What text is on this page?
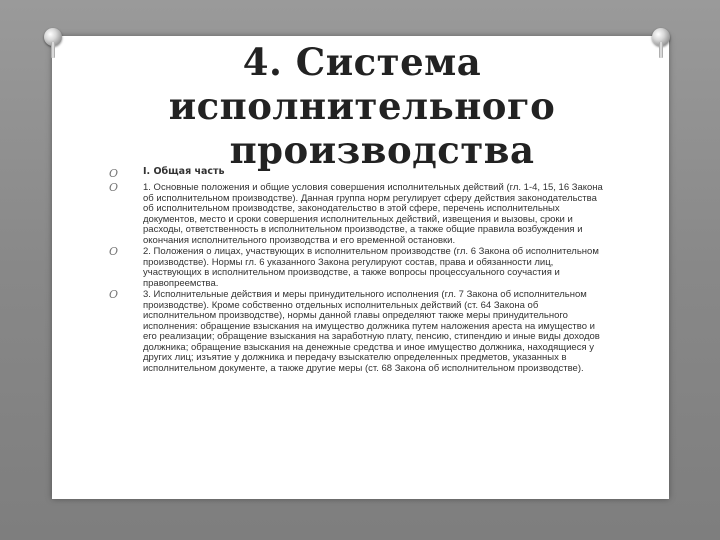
4. Система
исполнительного
производства
O	I. Общая часть
O	1. Основные положения и общие условия совершения исполнительных действий (гл. 1-4, 15, 16 Закона об исполнительном производстве). Данная группа норм регулирует сферу действия законодательства об исполнительном производстве, законодательство в этой сфере, перечень исполнительных документов, место и сроки совершения исполнительных действий, извещения и вызовы, сроки и расходы, ответственность в исполнительном производстве, а также общие правила возбуждения и окончания исполнительного производства и его временной остановки.
O	2. Положения о лицах, участвующих в исполнительном производстве (гл. 6 Закона об исполнительном производстве). Нормы гл. 6 указанного Закона регулируют состав, права и обязанности лиц, участвующих в исполнительном производстве, а также вопросы процессуального соучастия и правопреемства.
O	3. Исполнительные действия и меры принудительного исполнения (гл. 7 Закона об исполнительном производстве). Кроме собственно отдельных исполнительных действий (ст. 64 Закона об исполнительном производстве), нормы данной главы определяют также меры принудительного исполнения: обращение взыскания на имущество должника путем наложения ареста на имущество и его реализации; обращение взыскания на заработную плату, пенсию, стипендию и иные виды доходов должника; обращение взыскания на денежные средства и иное имущество должника, находящиеся у других лиц; изъятие у должника и передачу взыскателю определенных предметов, указанных в исполнительном документе, а также другие меры (ст. 68 Закона об исполнительном производстве).
